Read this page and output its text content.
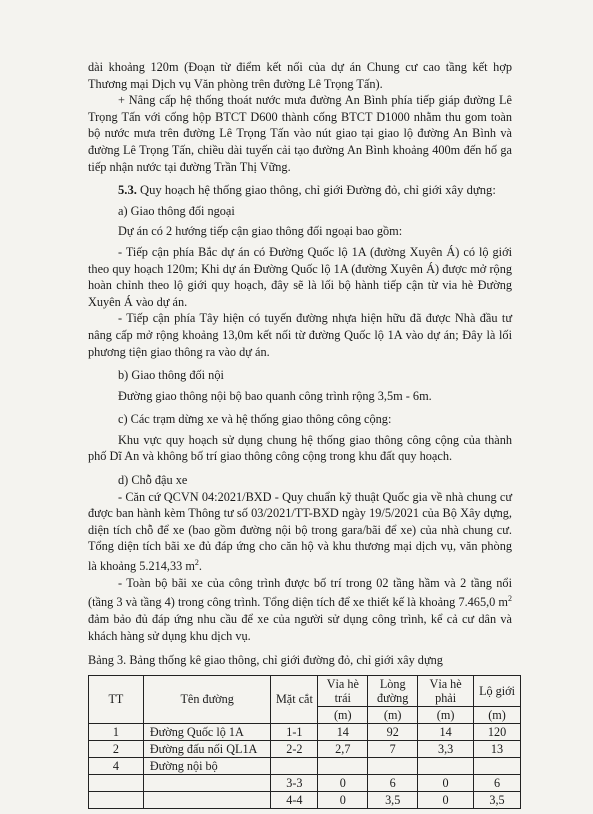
dài khoảng 120m (Đoạn từ điểm kết nối của dự án Chung cư cao tầng kết hợp Thương mại Dịch vụ Văn phòng trên đường Lê Trọng Tấn).

+ Nâng cấp hệ thống thoát nước mưa đường An Bình phía tiếp giáp đường Lê Trọng Tấn với cống hộp BTCT D600 thành cống BTCT D1000 nhằm thu gom toàn bộ nước mưa trên đường Lê Trọng Tấn vào nút giao tại giao lộ đường An Bình và đường Lê Trọng Tấn, chiều dài tuyến cải tạo đường An Bình khoảng 400m đến hố ga tiếp nhận nước tại đường Trần Thị Vững.

5.3. Quy hoạch hệ thống giao thông, chỉ giới Đường đỏ, chỉ giới xây dựng:

a) Giao thông đối ngoại

Dự án có 2 hướng tiếp cận giao thông đối ngoại bao gồm:

- Tiếp cận phía Bắc dự án có Đường Quốc lộ 1A (đường Xuyên Á) có lộ giới theo quy hoạch 120m; Khi dự án Đường Quốc lộ 1A (đường Xuyên Á) được mở rộng hoàn chỉnh theo lộ giới quy hoạch, đây sẽ là lối bộ hành tiếp cận từ via hè Đường Xuyên Á vào dự án.

- Tiếp cận phía Tây hiện có tuyến đường nhựa hiện hữu đã được Nhà đầu tư nâng cấp mở rộng khoảng 13,0m kết nối từ đường Quốc lộ 1A vào dự án; Đây là lối phương tiện giao thông ra vào dự án.

b) Giao thông đối nội

Đường giao thông nội bộ bao quanh công trình rộng 3,5m - 6m.

c) Các trạm dừng xe và hệ thống giao thông công cộng:

Khu vực quy hoạch sử dụng chung hệ thống giao thông công cộng của thành phố Dĩ An và không bố trí giao thông công cộng trong khu đất quy hoạch.

d) Chỗ đậu xe

- Căn cứ QCVN 04:2021/BXD - Quy chuẩn kỹ thuật Quốc gia về nhà chung cư được ban hành kèm Thông tư số 03/2021/TT-BXD ngày 19/5/2021 của Bộ Xây dựng, diện tích chỗ để xe (bao gồm đường nội bộ trong gara/bãi để xe) của nhà chung cư. Tổng diện tích bãi xe đủ đáp ứng cho căn hộ và khu thương mại dịch vụ, văn phòng là khoảng 5.214,33 $m^2$.

- Toàn bộ bãi xe của công trình được bố trí trong 02 tầng hầm và 2 tầng nổi (tầng 3 và tầng 4) trong công trình. Tổng diện tích để xe thiết kế là khoảng 7.465,0 $m^2$ đảm bảo đủ đáp ứng nhu cầu để xe của người sử dụng công trình, kể cả cư dân và khách hàng sử dụng khu dịch vụ.

Bảng 3. Bảng thống kê giao thông, chỉ giới đường đỏ, chỉ giới xây dựng

TT	Tên đường	Mặt cắt	Vỉa hè trái	Lòng đường	Vỉa hè phải	Lộ giới
			(m)	(m)	(m)	(m)
1	Đường Quốc lộ 1A	1-1	14	92	14	120
2	Đường đấu nối QL1A	2-2	2,7	7	3,3	13
4	Đường nội bộ					
		3-3	0	6	0	6
		4-4	0	3,5	0	3,5
